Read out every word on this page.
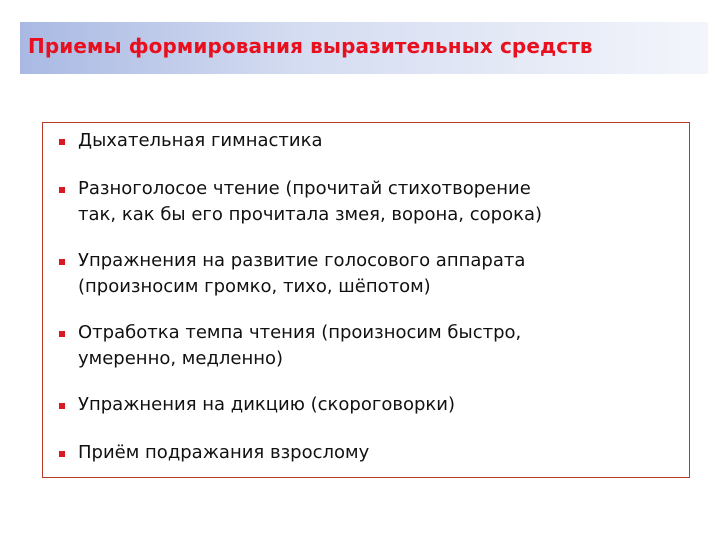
Приемы формирования выразительных средств
Дыхательная гимнастика
Разноголосое чтение (прочитай стихотворение
так, как бы его прочитала змея, ворона, сорока)
Упражнения на развитие голосового аппарата
(произносим громко, тихо, шёпотом)
Отработка темпа чтения (произносим быстро,
умеренно, медленно)
Упражнения на дикцию (скороговорки)
Приём подражания взрослому
